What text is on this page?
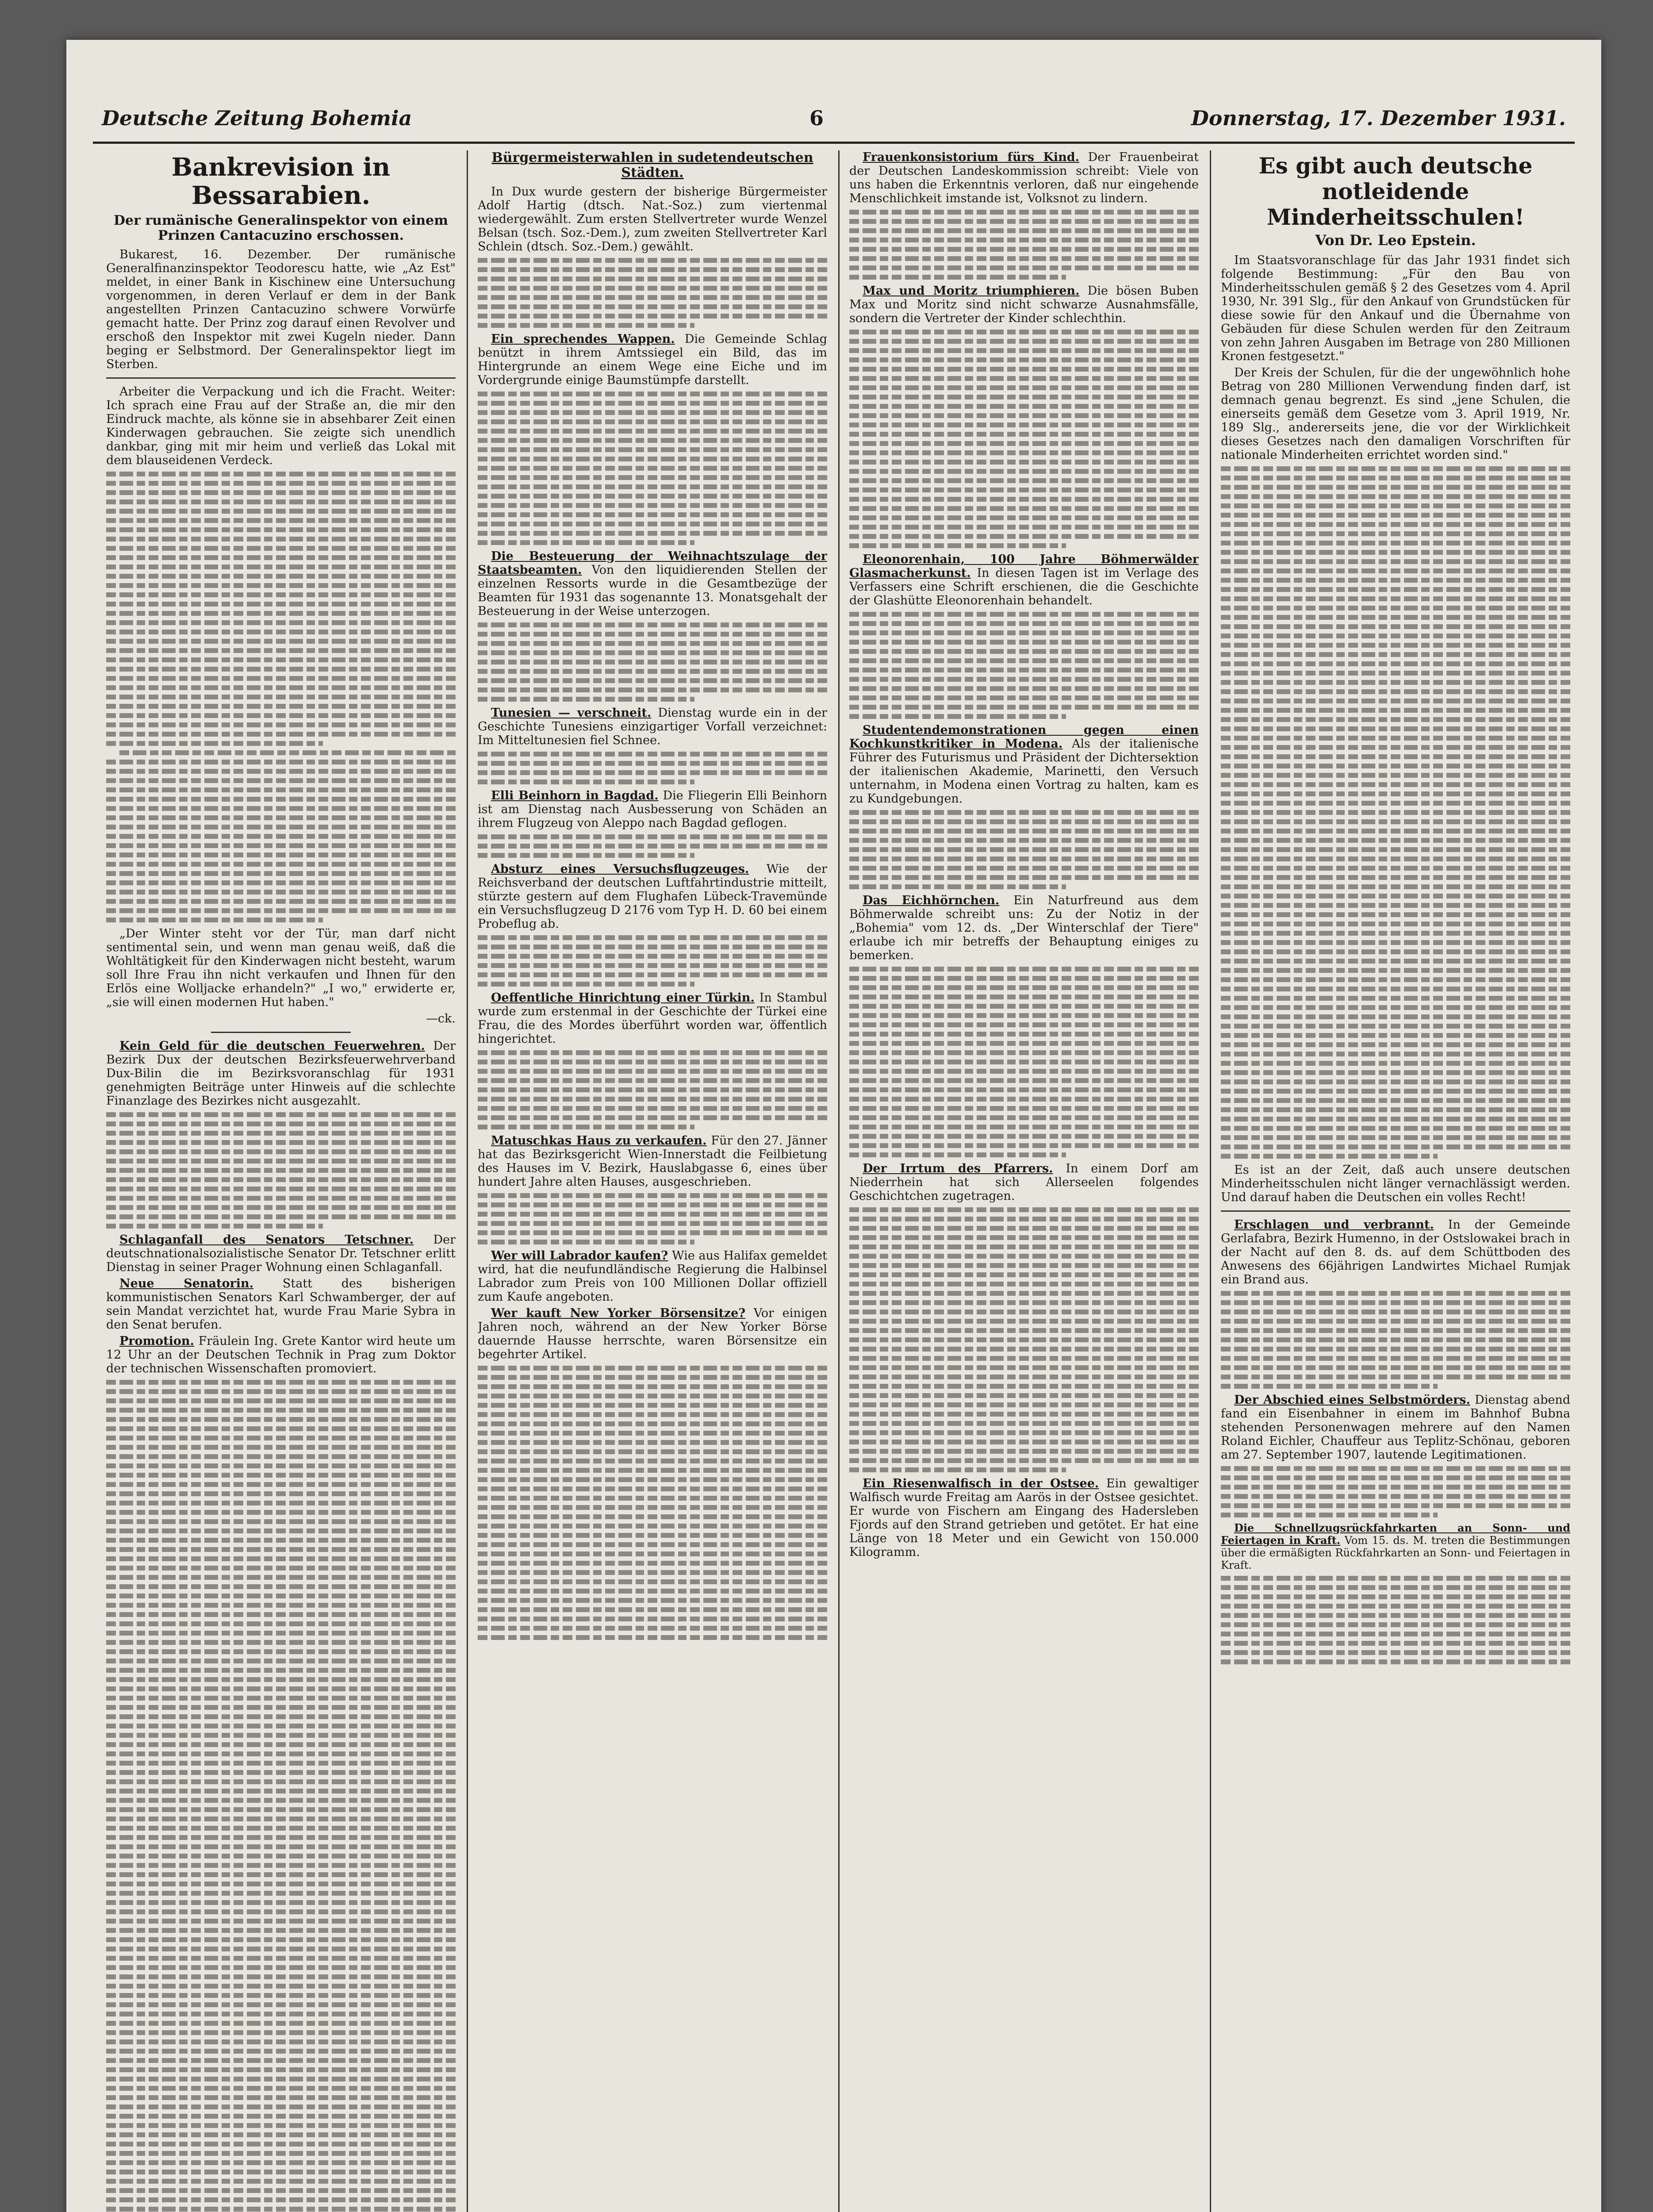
Deutsche Zeitung Bohemia	6	Donnerstag, 17. Dezember 1931.
Bankrevision in Bessarabien.
Der rumänische Generalinspektor von einem Prinzen Cantacuzino erschossen.

Bukarest, 16. Dezember. Der rumänische Generalfinanzinspektor Teodorescu hatte, wie „Az Est" meldet, in einer Bank in Kischinew eine Untersuchung vorgenommen, in deren Verlauf er dem in der Bank angestellten Prinzen Cantacuzino schwere Vorwürfe gemacht hatte. Der Prinz zog darauf einen Revolver und erschoß den Inspektor mit zwei Kugeln nieder. Dann beging er Selbstmord. Der Generalinspektor liegt im Sterben.

Arbeiter die Verpackung und ich die Fracht. Weiter: Ich sprach eine Frau auf der Straße an, die mir den Eindruck machte, als könne sie in absehbarer Zeit einen Kinderwagen gebrauchen. Sie zeigte sich unendlich dankbar, ging mit mir heim und verließ das Lokal mit dem blauseidenen Verdeck.

„Der Winter steht vor der Tür, man darf nicht sentimental sein, und wenn man genau weiß, daß die Wohltätigkeit für den Kinderwagen nicht besteht, warum soll Ihre Frau ihn nicht verkaufen und Ihnen für den Erlös eine Wolljacke erhandeln?" „I wo," erwiderte er, „sie will einen modernen Hut haben."

—ck.

Kein Geld für die deutschen Feuerwehren. Der Bezirk Dux der deutschen Bezirksfeuerwehrverband Dux-Bilin die im Bezirksvoranschlag für 1931 genehmigten Beiträge unter Hinweis auf die schlechte Finanzlage des Bezirkes nicht ausgezahlt.

Schlaganfall des Senators Tetschner. Der deutschnationalsozialistische Senator Dr. Tetschner erlitt Dienstag in seiner Prager Wohnung einen Schlaganfall.

Neue Senatorin. Statt des bisherigen kommunistischen Senators Karl Schwamberger, der auf sein Mandat verzichtet hat, wurde Frau Marie Sybra in den Senat berufen.

Promotion. Fräulein Ing. Grete Kantor wird heute um 12 Uhr an der Deutschen Technik in Prag zum Doktor der technischen Wissenschaften promoviert.

Bürgermeisterwahlen in sudetendeutschen Städten.

In Dux wurde gestern der bisherige Bürgermeister Adolf Hartig (dtsch. Nat.-Soz.) zum viertenmal wiedergewählt. Zum ersten Stellvertreter wurde Wenzel Belsan (tsch. Soz.-Dem.), zum zweiten Stellvertreter Karl Schlein (dtsch. Soz.-Dem.) gewählt.

Ein sprechendes Wappen. Die Gemeinde Schlag benützt in ihrem Amtssiegel ein Bild, das im Hintergrunde an einem Wege eine Eiche und im Vordergrunde einige Baumstümpfe darstellt.

Die Besteuerung der Weihnachtszulage der Staatsbeamten. Von den liquidierenden Stellen der einzelnen Ressorts wurde in die Gesamtbezüge der Beamten für 1931 das sogenannte 13. Monatsgehalt der Besteuerung in der Weise unterzogen.

Tunesien — verschneit. Dienstag wurde ein in der Geschichte Tunesiens einzigartiger Vorfall verzeichnet: Im Mitteltunesien fiel Schnee.

Elli Beinhorn in Bagdad. Die Fliegerin Elli Beinhorn ist am Dienstag nach Ausbesserung von Schäden an ihrem Flugzeug von Aleppo nach Bagdad geflogen.

Absturz eines Versuchsflugzeuges. Wie der Reichsverband der deutschen Luftfahrtindustrie mitteilt, stürzte gestern auf dem Flughafen Lübeck-Travemünde ein Versuchsflugzeug D 2176 vom Typ H. D. 60 bei einem Probeflug ab.

Oeffentliche Hinrichtung einer Türkin. In Stambul wurde zum erstenmal in der Geschichte der Türkei eine Frau, die des Mordes überführt worden war, öffentlich hingerichtet.

Matuschkas Haus zu verkaufen. Für den 27. Jänner hat das Bezirksgericht Wien-Innerstadt die Feilbietung des Hauses im V. Bezirk, Hauslabgasse 6, eines über hundert Jahre alten Hauses, ausgeschrieben.

Wer will Labrador kaufen? Wie aus Halifax gemeldet wird, hat die neufundländische Regierung die Halbinsel Labrador zum Preis von 100 Millionen Dollar offiziell zum Kaufe angeboten.

Wer kauft New Yorker Börsensitze? Vor einigen Jahren noch, während an der New Yorker Börse dauernde Hausse herrschte, waren Börsensitze ein begehrter Artikel.

Frauenkonsistorium fürs Kind. Der Frauenbeirat der Deutschen Landeskommission schreibt: Viele von uns haben die Erkenntnis verloren, daß nur eingehende Menschlichkeit imstande ist, Volksnot zu lindern.

Max und Moritz triumphieren. Die bösen Buben Max und Moritz sind nicht schwarze Ausnahmsfälle, sondern die Vertreter der Kinder schlechthin.

Eleonorenhain, 100 Jahre Böhmerwälder Glasmacherkunst. In diesen Tagen ist im Verlage des Verfassers eine Schrift erschienen, die die Geschichte der Glashütte Eleonorenhain behandelt.

Studentendemonstrationen gegen einen Kochkunstkritiker in Modena. Als der italienische Führer des Futurismus und Präsident der Dichtersektion der italienischen Akademie, Marinetti, den Versuch unternahm, in Modena einen Vortrag zu halten, kam es zu Kundgebungen.

Das Eichhörnchen. Ein Naturfreund aus dem Böhmerwalde schreibt uns: Zu der Notiz in der „Bohemia" vom 12. ds. „Der Winterschlaf der Tiere" erlaube ich mir betreffs der Behauptung einiges zu bemerken.

Der Irrtum des Pfarrers. In einem Dorf am Niederrhein hat sich Allerseelen folgendes Geschichtchen zugetragen.

Ein Riesenwalfisch in der Ostsee. Ein gewaltiger Walfisch wurde Freitag am Aarös in der Ostsee gesichtet. Er wurde von Fischern am Eingang des Hadersleben Fjords auf den Strand getrieben und getötet. Er hat eine Länge von 18 Meter und ein Gewicht von 150.000 Kilogramm.

Es gibt auch deutsche notleidende Minderheitsschulen!
Von Dr. Leo Epstein.

Im Staatsvoranschlage für das Jahr 1931 findet sich folgende Bestimmung: „Für den Bau von Minderheitsschulen gemäß § 2 des Gesetzes vom 4. April 1930, Nr. 391 Slg., für den Ankauf von Grundstücken für diese sowie für den Ankauf und die Übernahme von Gebäuden für diese Schulen werden für den Zeitraum von zehn Jahren Ausgaben im Betrage von 280 Millionen Kronen festgesetzt."

Der Kreis der Schulen, für die der ungewöhnlich hohe Betrag von 280 Millionen Verwendung finden darf, ist demnach genau begrenzt. Es sind „jene Schulen, die einerseits gemäß dem Gesetze vom 3. April 1919, Nr. 189 Slg., andererseits jene, die vor der Wirklichkeit dieses Gesetzes nach den damaligen Vorschriften für nationale Minderheiten errichtet worden sind."

Es ist an der Zeit, daß auch unsere deutschen Minderheitsschulen nicht länger vernachlässigt werden. Und darauf haben die Deutschen ein volles Recht!

Erschlagen und verbrannt. In der Gemeinde Gerlafabra, Bezirk Humenno, in der Ostslowakei brach in der Nacht auf den 8. ds. auf dem Schüttboden des Anwesens des 66jährigen Landwirtes Michael Rumjak ein Brand aus.

Der Abschied eines Selbstmörders. Dienstag abend fand ein Eisenbahner in einem im Bahnhof Bubna stehenden Personenwagen mehrere auf den Namen Roland Eichler, Chauffeur aus Teplitz-Schönau, geboren am 27. September 1907, lautende Legitimationen.

Die Schnellzugsrückfahrkarten an Sonn- und Feiertagen in Kraft. Vom 15. ds. M. treten die Bestimmungen über die ermäßigten Rückfahrkarten an Sonn- und Feiertagen in Kraft.
